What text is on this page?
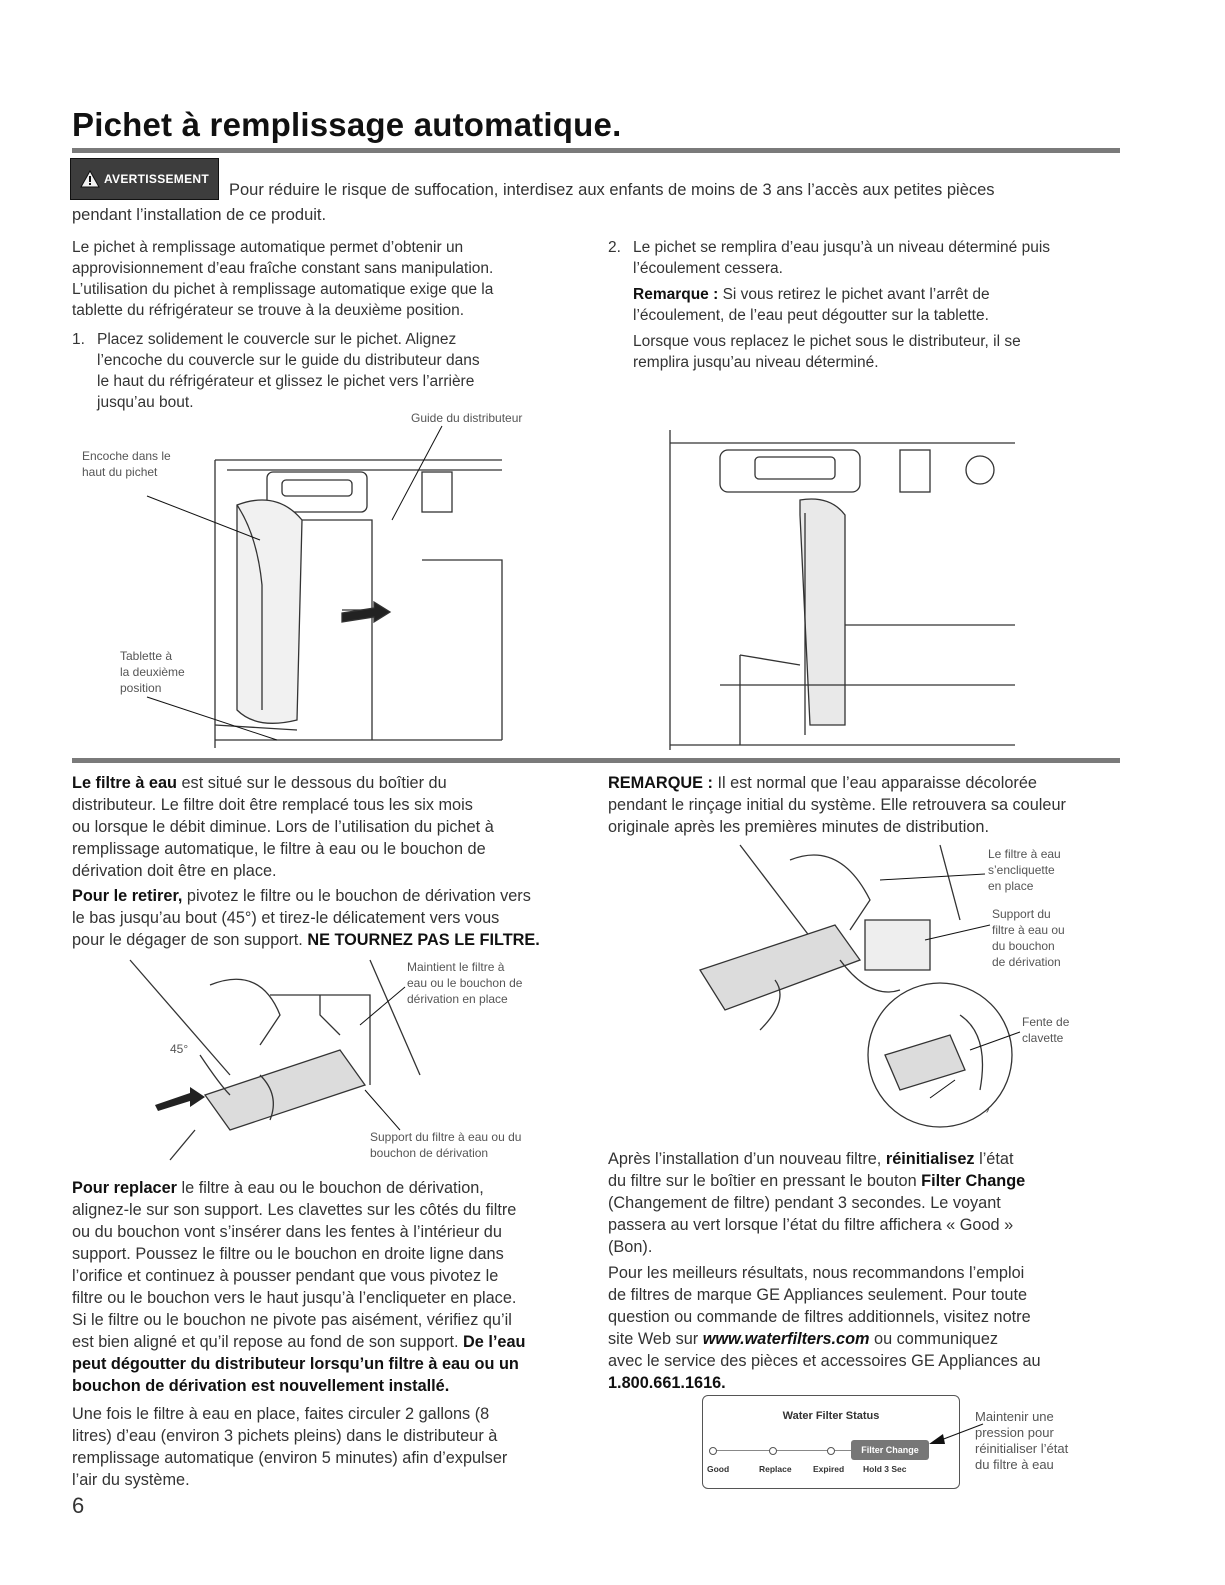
Pichet à remplissage automatique.
AVERTISSEMENT
Pour réduire le risque de suffocation, interdisez aux enfants de moins de 3 ans l’accès aux petites pièces
pendant l’installation de ce produit.
Le pichet à remplissage automatique permet d’obtenir un
approvisionnement d’eau fraîche constant sans manipulation.
L’utilisation du pichet à remplissage automatique exige que la
tablette du réfrigérateur se trouve à la deuxième position.
1. Placez solidement le couvercle sur le pichet. Alignez
l’encoche du couvercle sur le guide du distributeur dans
le haut du réfrigérateur et glissez le pichet vers l’arrière
jusqu’au bout.
2. Le pichet se remplira d’eau jusqu’à un niveau déterminé puis
l’écoulement cessera.
Remarque : Si vous retirez le pichet avant l’arrêt de
l’écoulement, de l’eau peut dégoutter sur la tablette.
Lorsque vous replacez le pichet sous le distributeur, il se
remplira jusqu’au niveau déterminé.
Guide du distributeur
Encoche dans le
haut du pichet
Tablette à
la deuxième
position
Le filtre à eau est situé sur le dessous du boîtier du
distributeur. Le filtre doit être remplacé tous les six mois
ou lorsque le débit diminue. Lors de l’utilisation du pichet à
remplissage automatique, le filtre à eau ou le bouchon de
dérivation doit être en place.
Pour le retirer, pivotez le filtre ou le bouchon de dérivation vers
le bas jusqu’au bout (45°) et tirez-le délicatement vers vous
pour le dégager de son support. NE TOURNEZ PAS LE FILTRE.
Maintient le filtre à
eau ou le bouchon de
dérivation en place
45°
Support du filtre à eau ou du
bouchon de dérivation
Pour replacer le filtre à eau ou le bouchon de dérivation,
alignez-le sur son support. Les clavettes sur les côtés du filtre
ou du bouchon vont s’insérer dans les fentes à l’intérieur du
support. Poussez le filtre ou le bouchon en droite ligne dans
l’orifice et continuez à pousser pendant que vous pivotez le
filtre ou le bouchon vers le haut jusqu’à l’encliqueter en place.
Si le filtre ou le bouchon ne pivote pas aisément, vérifiez qu’il
est bien aligné et qu’il repose au fond de son support. De l’eau
peut dégoutter du distributeur lorsqu’un filtre à eau ou un
bouchon de dérivation est nouvellement installé.
Une fois le filtre à eau en place, faites circuler 2 gallons (8
litres) d’eau (environ 3 pichets pleins) dans le distributeur à
remplissage automatique (environ 5 minutes) afin d’expulser
l’air du système.
6
REMARQUE : Il est normal que l’eau apparaisse décolorée
pendant le rinçage initial du système. Elle retrouvera sa couleur
originale après les premières minutes de distribution.
Le filtre à eau
s’encliquette
en place
Support du
filtre à eau ou
du bouchon
de dérivation
Fente de
clavette
Après l’installation d’un nouveau filtre, réinitialisez l’état
du filtre sur le boîtier en pressant le bouton Filter Change
(Changement de filtre) pendant 3 secondes. Le voyant
passera au vert lorsque l’état du filtre affichera « Good »
(Bon).
Pour les meilleurs résultats, nous recommandons l’emploi
de filtres de marque GE Appliances seulement. Pour toute
question ou commande de filtres additionnels, visitez notre
site Web sur www.waterfilters.com ou communiquez
avec le service des pièces et accessoires GE Appliances au
1.800.661.1616.
Water Filter Status
Filter Change
Good	Replace	Expired Hold 3 Sec
Maintenir une
pression pour
réinitialiser l’état
du filtre à eau
